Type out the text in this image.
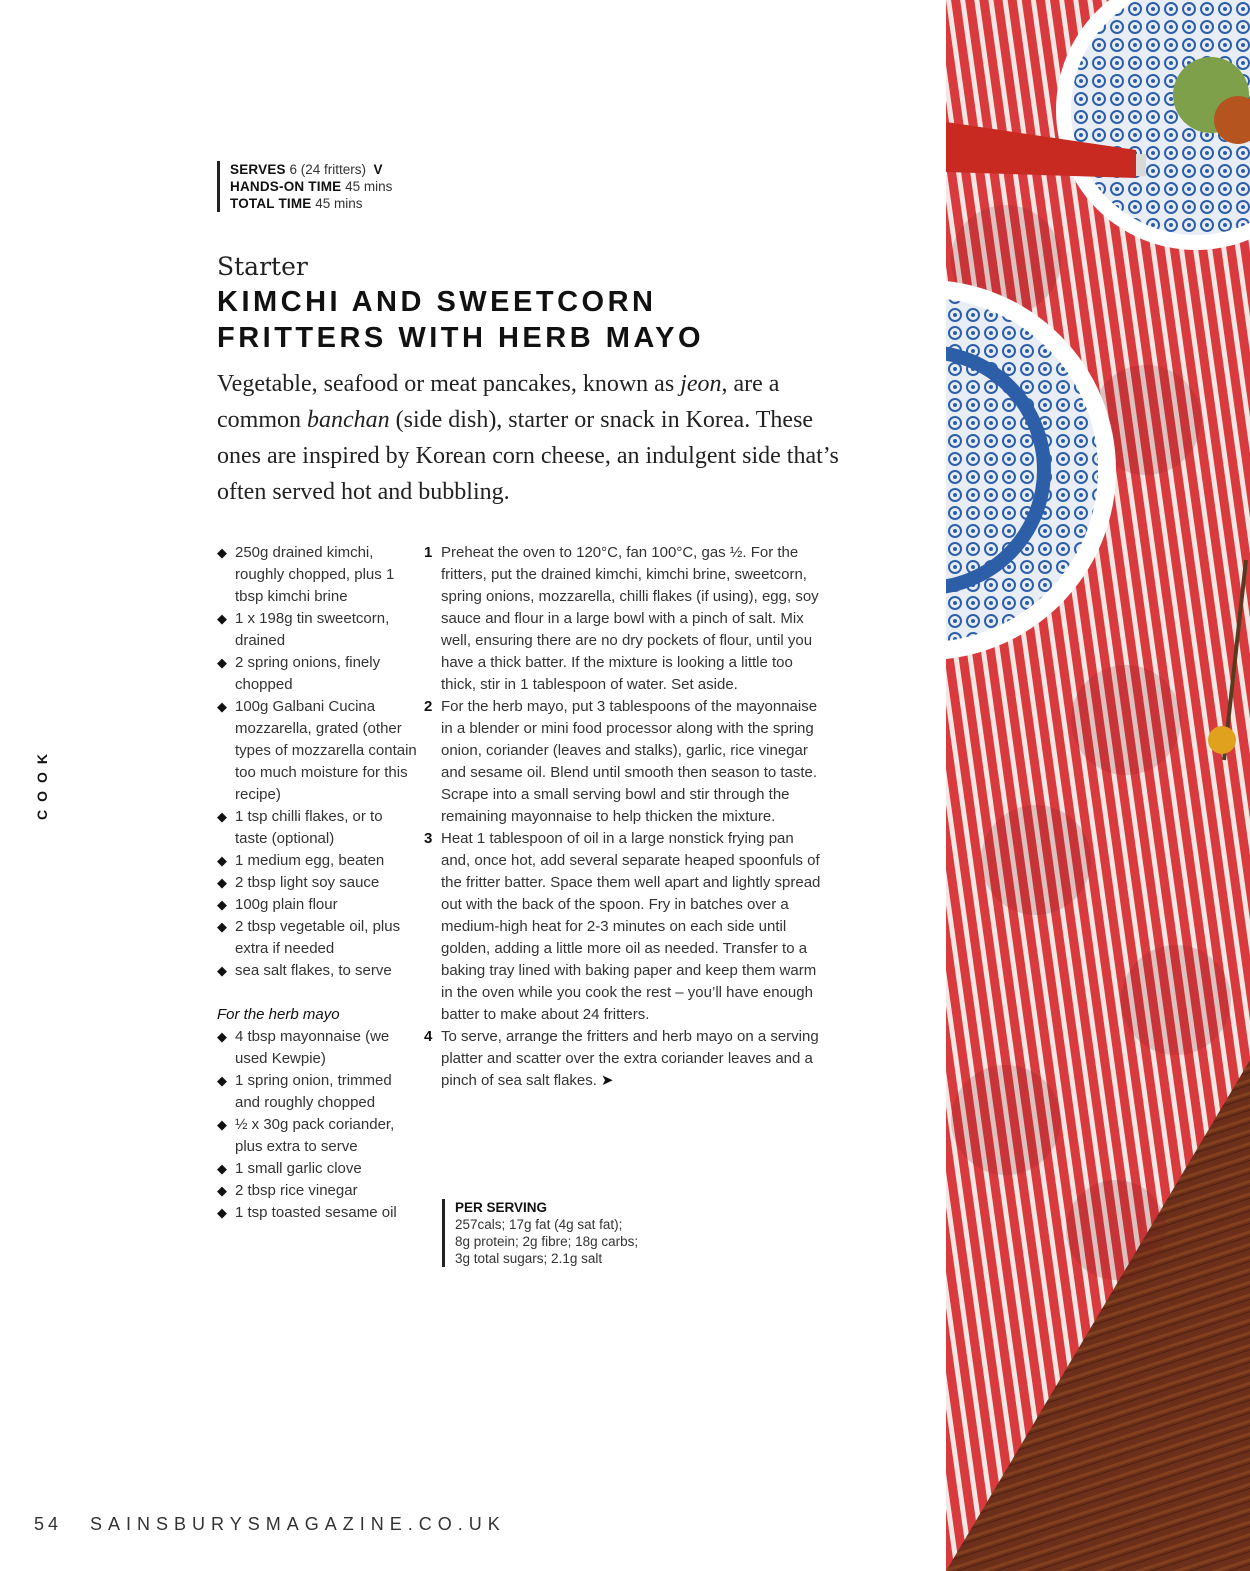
SERVES 6 (24 fritters) V
HANDS-ON TIME 45 mins
TOTAL TIME 45 mins
Starter
KIMCHI AND SWEETCORN
FRITTERS WITH HERB MAYO

Vegetable, seafood or meat pancakes, known as jeon, are a common banchan (side dish), starter or snack in Korea. These ones are inspired by Korean corn cheese, an indulgent side that’s often served hot and bubbling.

◆ 250g drained kimchi, roughly chopped, plus 1 tbsp kimchi brine
◆ 1 x 198g tin sweetcorn, drained
◆ 2 spring onions, finely chopped
◆ 100g Galbani Cucina mozzarella, grated (other types of mozzarella contain too much moisture for this recipe)
◆ 1 tsp chilli flakes, or to taste (optional)
◆ 1 medium egg, beaten
◆ 2 tbsp light soy sauce
◆ 100g plain flour
◆ 2 tbsp vegetable oil, plus extra if needed
◆ sea salt flakes, to serve
For the herb mayo
◆ 4 tbsp mayonnaise (we used Kewpie)
◆ 1 spring onion, trimmed and roughly chopped
◆ ½ x 30g pack coriander, plus extra to serve
◆ 1 small garlic clove
◆ 2 tbsp rice vinegar
◆ 1 tsp toasted sesame oil
1 Preheat the oven to 120°C, fan 100°C, gas ½. For the fritters, put the drained kimchi, kimchi brine, sweetcorn, spring onions, mozzarella, chilli flakes (if using), egg, soy sauce and flour in a large bowl with a pinch of salt. Mix well, ensuring there are no dry pockets of flour, until you have a thick batter. If the mixture is looking a little too thick, stir in 1 tablespoon of water. Set aside.
2 For the herb mayo, put 3 tablespoons of the mayonnaise in a blender or mini food processor along with the spring onion, coriander (leaves and stalks), garlic, rice vinegar and sesame oil. Blend until smooth then season to taste. Scrape into a small serving bowl and stir through the remaining mayonnaise to help thicken the mixture.
3 Heat 1 tablespoon of oil in a large nonstick frying pan and, once hot, add several separate heaped spoonfuls of the fritter batter. Space them well apart and lightly spread out with the back of the spoon. Fry in batches over a medium-high heat for 2-3 minutes on each side until golden, adding a little more oil as needed. Transfer to a baking tray lined with baking paper and keep them warm in the oven while you cook the rest – you’ll have enough batter to make about 24 fritters.
4 To serve, arrange the fritters and herb mayo on a serving platter and scatter over the extra coriander leaves and a pinch of sea salt flakes. ➤
PER SERVING
257cals; 17g fat (4g sat fat);
8g protein; 2g fibre; 18g carbs;
3g total sugars; 2.1g salt
COOK
54 SAINSBURYSMAGAZINE.CO.UK
